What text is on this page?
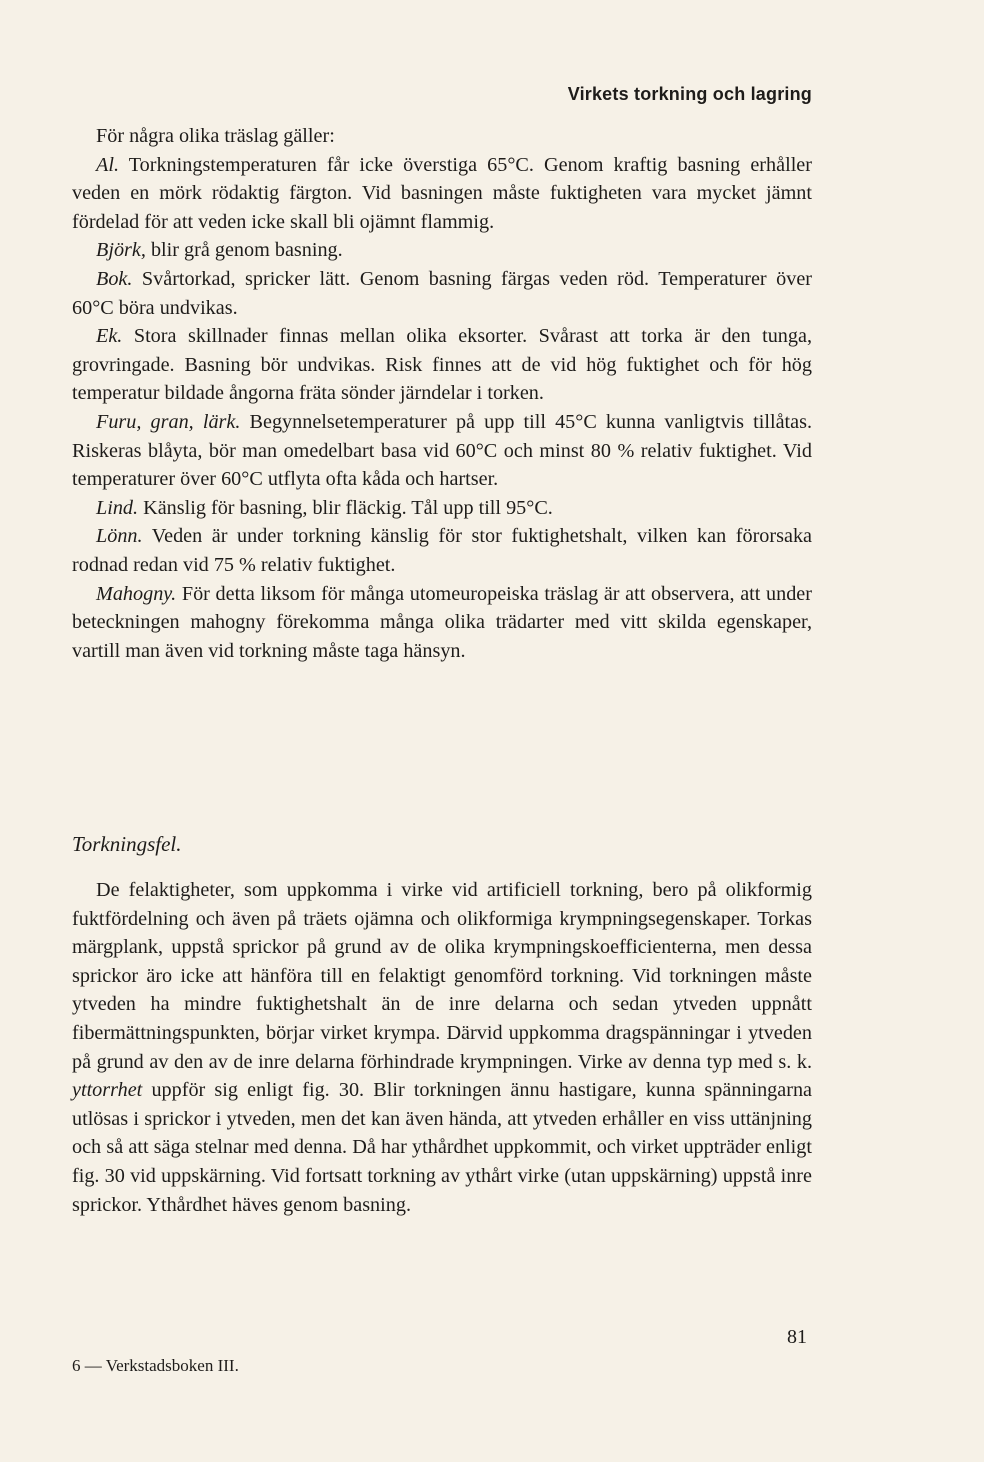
Virkets torkning och lagring

För några olika träslag gäller:

Al. Torkningstemperaturen får icke överstiga 65°C. Genom kraftig basning erhåller veden en mörk rödaktig färgton. Vid basningen måste fuktigheten vara mycket jämnt fördelad för att veden icke skall bli ojämnt flammig.

Björk, blir grå genom basning.

Bok. Svårtorkad, spricker lätt. Genom basning färgas veden röd. Temperaturer över 60°C böra undvikas.

Ek. Stora skillnader finnas mellan olika eksorter. Svårast att torka är den tunga, grovringade. Basning bör undvikas. Risk finnes att de vid hög fuktighet och för hög temperatur bildade ångorna fräta sönder järndelar i torken.

Furu, gran, lärk. Begynnelsetemperaturer på upp till 45°C kunna vanligtvis tillåtas. Riskeras blåyta, bör man omedelbart basa vid 60°C och minst 80 % relativ fuktighet. Vid temperaturer över 60°C utflyta ofta kåda och hartser.

Lind. Känslig för basning, blir fläckig. Tål upp till 95°C.

Lönn. Veden är under torkning känslig för stor fuktighetshalt, vilken kan förorsaka rodnad redan vid 75 % relativ fuktighet.

Mahogny. För detta liksom för många utomeuropeiska träslag är att observera, att under beteckningen mahogny förekomma många olika trädarter med vitt skilda egenskaper, vartill man även vid torkning måste taga hänsyn.

Torkningsfel.

De felaktigheter, som uppkomma i virke vid artificiell torkning, bero på olikformig fuktfördelning och även på träets ojämna och olikformiga krympningsegenskaper. Torkas märgplank, uppstå sprickor på grund av de olika krympningskoefficienterna, men dessa sprickor äro icke att hänföra till en felaktigt genomförd torkning. Vid torkningen måste ytveden ha mindre fuktighetshalt än de inre delarna och sedan ytveden uppnått fibermättningspunkten, börjar virket krympa. Därvid uppkomma dragspänningar i ytveden på grund av den av de inre delarna förhindrade krympningen. Virke av denna typ med s. k. yttorrhet uppför sig enligt fig. 30. Blir torkningen ännu hastigare, kunna spänningarna utlösas i sprickor i ytveden, men det kan även hända, att ytveden erhåller en viss uttänjning och så att säga stelnar med denna. Då har ythårdhet uppkommit, och virket uppträder enligt fig. 30 vid uppskärning. Vid fortsatt torkning av ythårt virke (utan uppskärning) uppstå inre sprickor. Ythårdhet häves genom basning.

81
6 — Verkstadsboken III.
